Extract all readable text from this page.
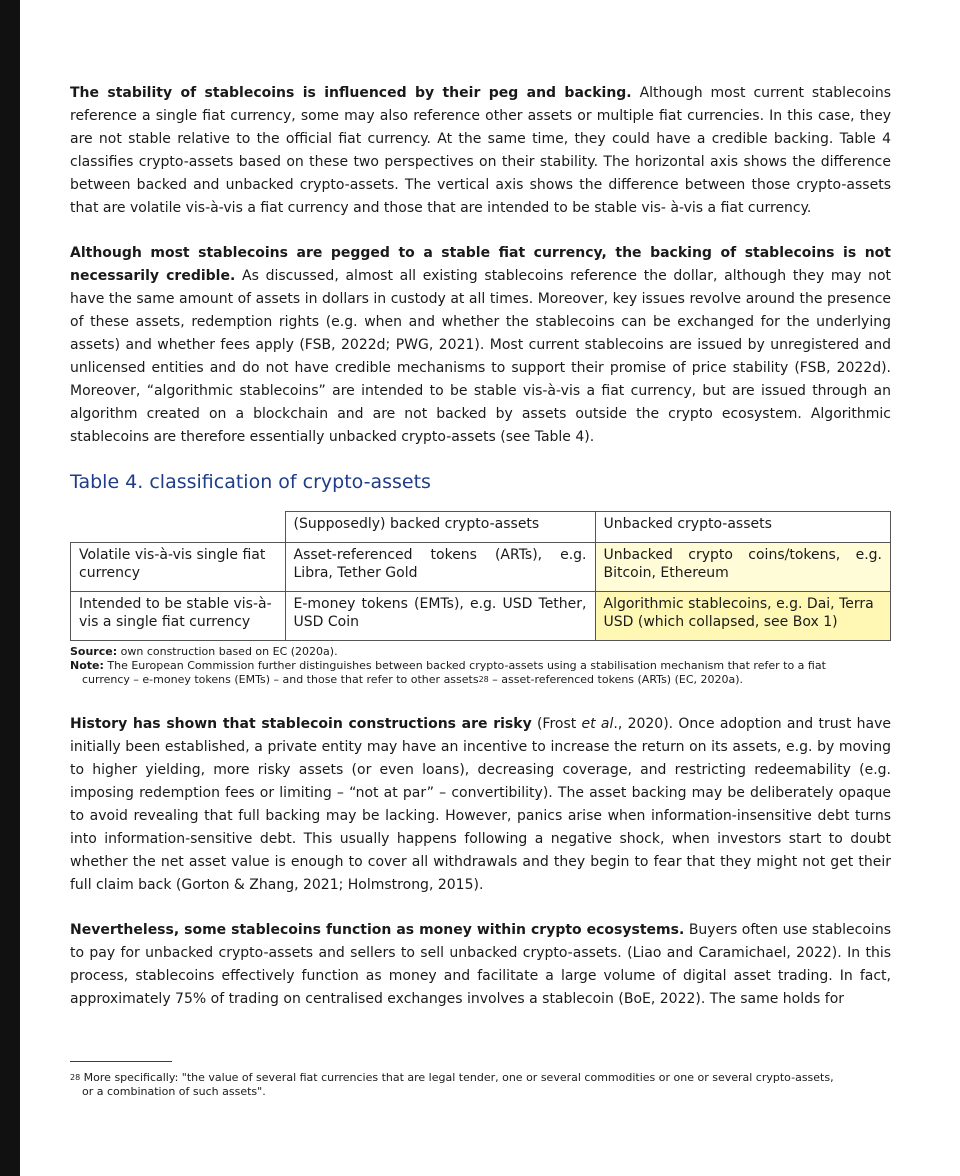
The stability of stablecoins is influenced by their peg and backing. Although most current stablecoins reference a single fiat currency, some may also reference other assets or multiple fiat currencies. In this case, they are not stable relative to the official fiat currency. At the same time, they could have a credible backing. Table 4 classifies crypto-assets based on these two perspectives on their stability. The horizontal axis shows the difference between backed and unbacked crypto-assets. The vertical axis shows the difference between those crypto-assets that are volatile vis-à-vis a fiat currency and those that are intended to be stable vis- à-vis a fiat currency.

Although most stablecoins are pegged to a stable fiat currency, the backing of stablecoins is not necessarily credible. As discussed, almost all existing stablecoins reference the dollar, although they may not have the same amount of assets in dollars in custody at all times. Moreover, key issues revolve around the presence of these assets, redemption rights (e.g. when and whether the stablecoins can be exchanged for the underlying assets) and whether fees apply (FSB, 2022d; PWG, 2021). Most current stablecoins are issued by unregistered and unlicensed entities and do not have credible mechanisms to support their promise of price stability (FSB, 2022d). Moreover, “algorithmic stablecoins” are intended to be stable vis-à-vis a fiat currency, but are issued through an algorithm created on a blockchain and are not backed by assets outside the crypto ecosystem. Algorithmic stablecoins are therefore essentially unbacked crypto-assets (see Table 4).

Table 4. classification of crypto-assets
	(Supposedly) backed crypto-assets	Unbacked crypto-assets
Volatile vis-à-vis single fiat currency	Asset-referenced tokens (ARTs), e.g. Libra, Tether Gold	Unbacked crypto coins/tokens, e.g. Bitcoin, Ethereum
Intended to be stable vis-à-vis a single fiat currency	E-money tokens (EMTs), e.g. USD Tether, USD Coin	Algorithmic stablecoins, e.g. Dai, Terra USD (which collapsed, see Box 1)
Source: own construction based on EC (2020a).
Note: The European Commission further distinguishes between backed crypto-assets using a stabilisation mechanism that refer to a fiat
currency – e-money tokens (EMTs) – and those that refer to other assets$^{28}$ – asset-referenced tokens (ARTs) (EC, 2020a).

History has shown that stablecoin constructions are risky (Frost et al., 2020). Once adoption and trust have initially been established, a private entity may have an incentive to increase the return on its assets, e.g. by moving to higher yielding, more risky assets (or even loans), decreasing coverage, and restricting redeemability (e.g. imposing redemption fees or limiting – “not at par” – convertibility). The asset backing may be deliberately opaque to avoid revealing that full backing may be lacking. However, panics arise when information-insensitive debt turns into information-sensitive debt. This usually happens following a negative shock, when investors start to doubt whether the net asset value is enough to cover all withdrawals and they begin to fear that they might not get their full claim back (Gorton & Zhang, 2021; Holmstrong, 2015).

Nevertheless, some stablecoins function as money within crypto ecosystems. Buyers often use stablecoins to pay for unbacked crypto-assets and sellers to sell unbacked crypto-assets. (Liao and Caramichael, 2022). In this process, stablecoins effectively function as money and facilitate a large volume of digital asset trading. In fact, approximately 75% of trading on centralised exchanges involves a stablecoin (BoE, 2022). The same holds for

$^{28}$ More specifically: "the value of several fiat currencies that are legal tender, one or several commodities or one or several crypto-assets,
or a combination of such assets".
